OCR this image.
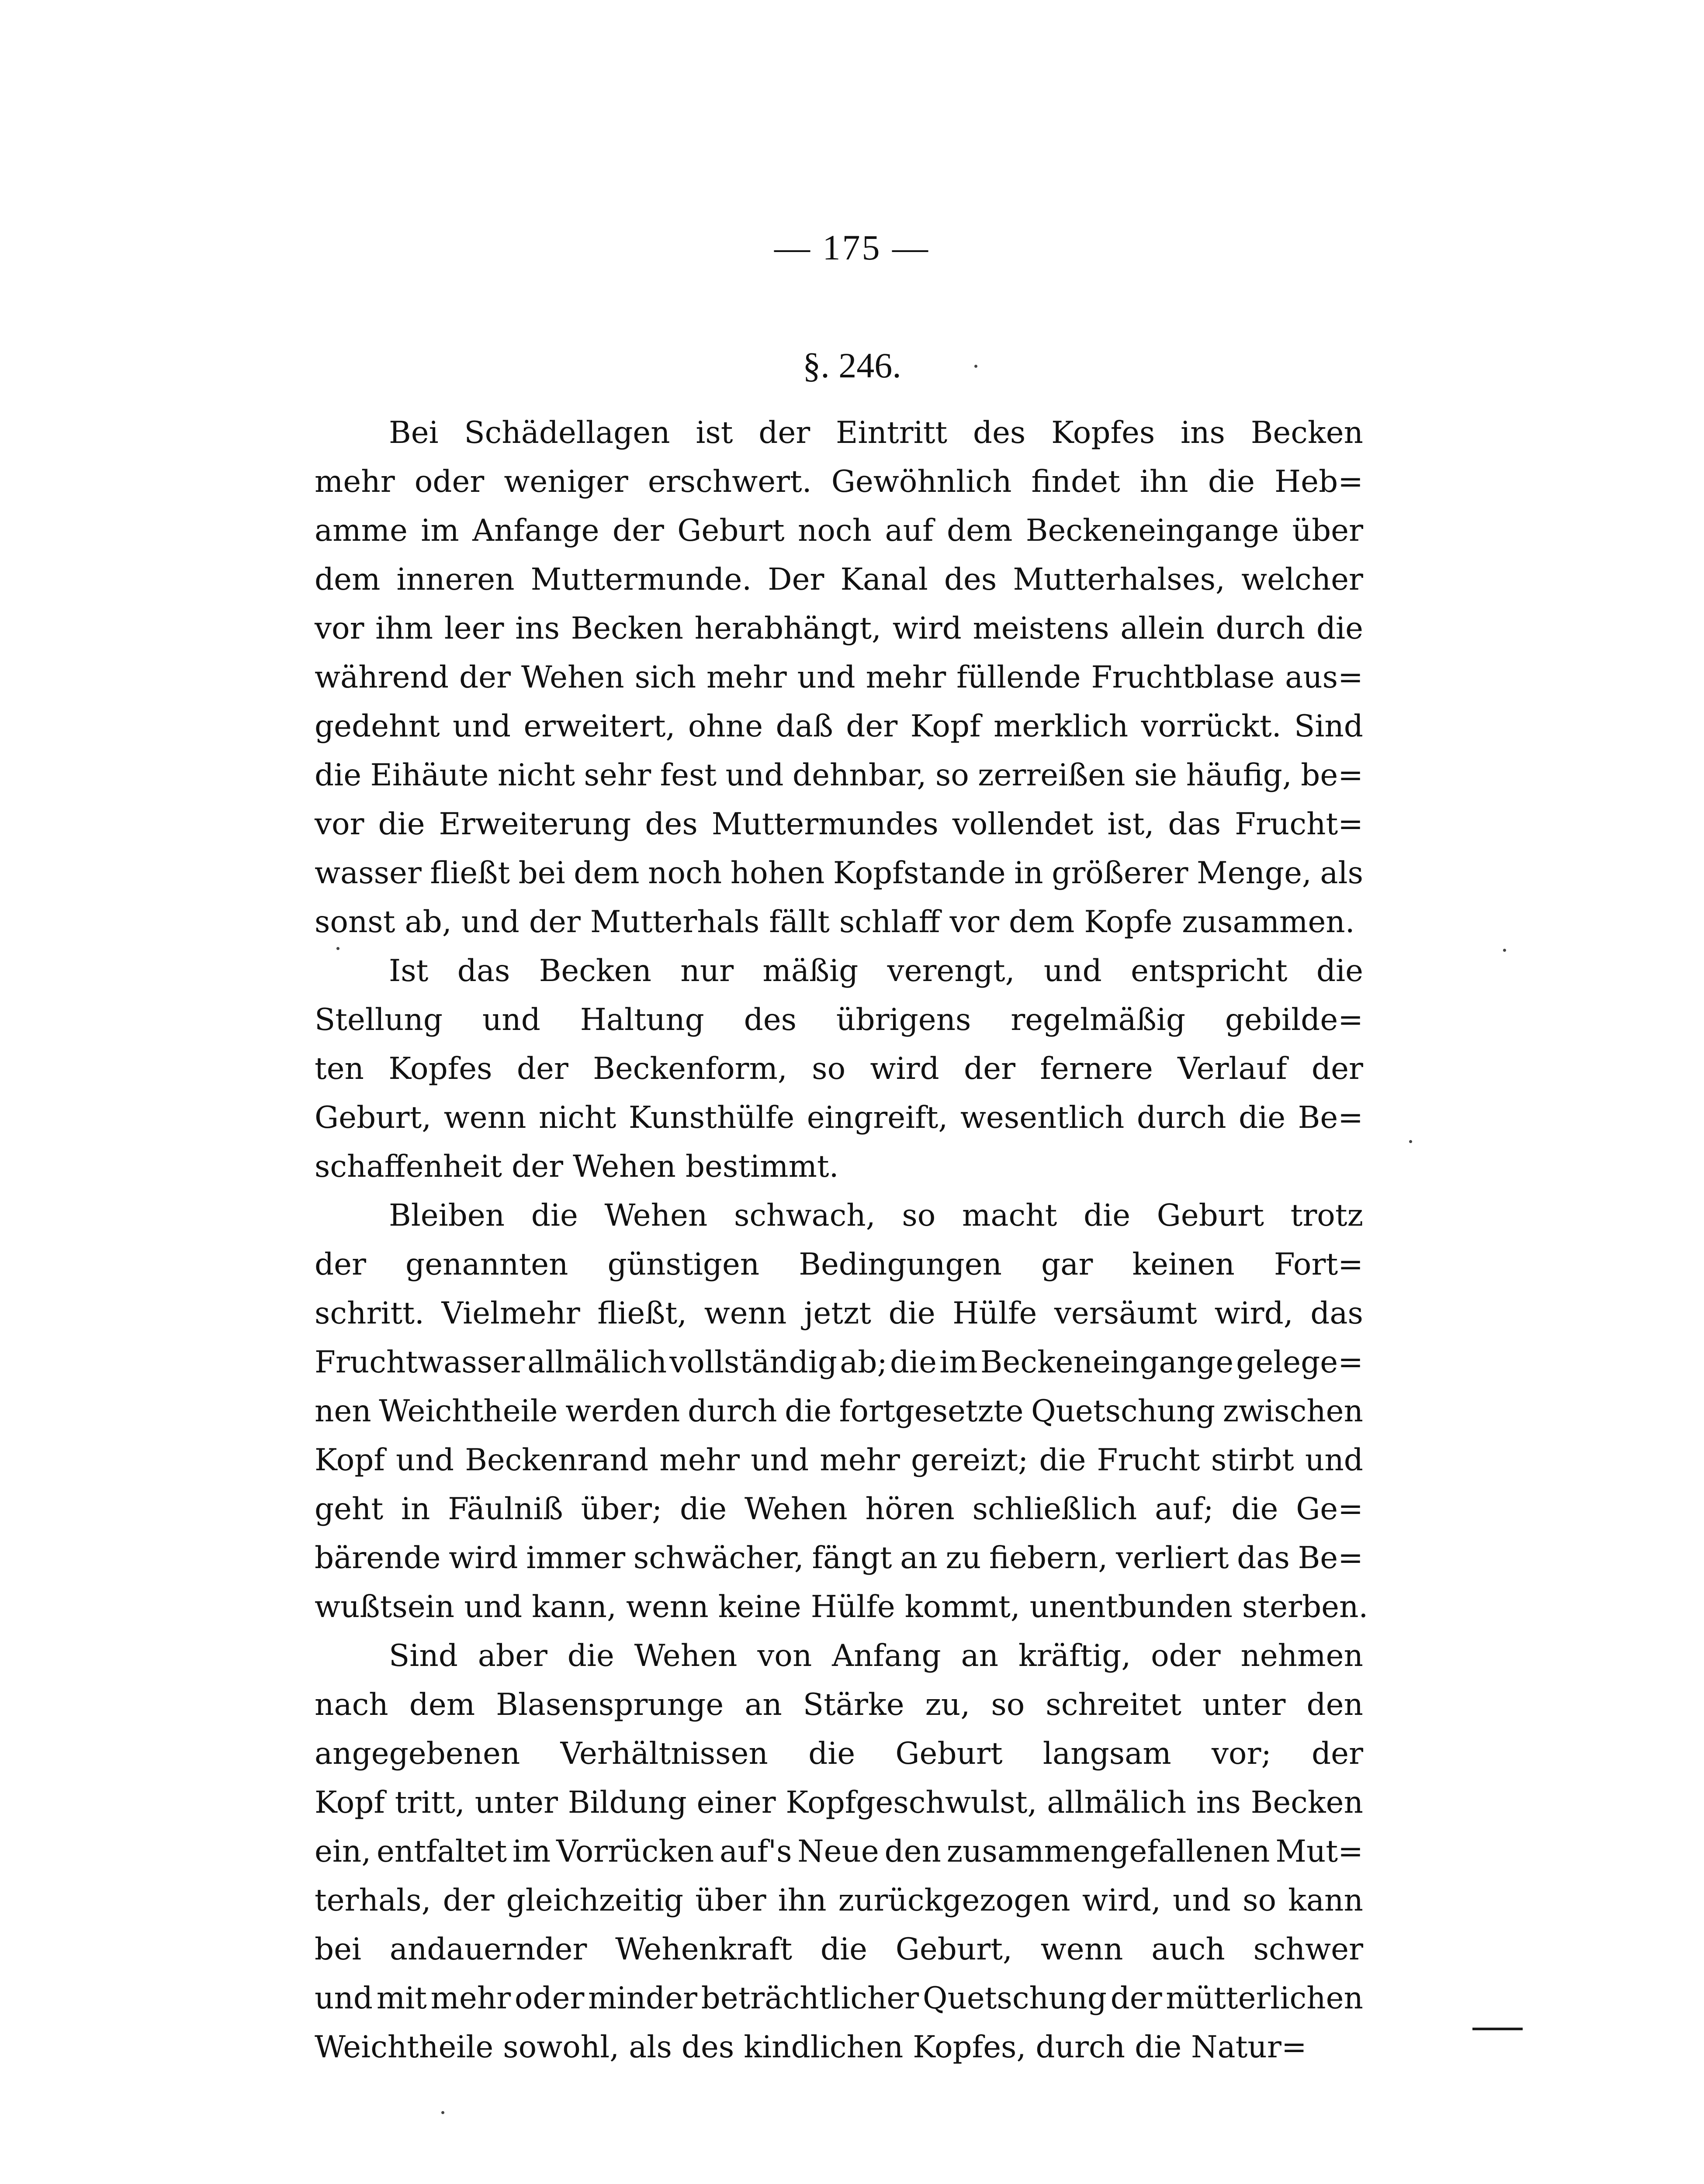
— 175 —
§. 246.
Bei Schädellagen ist der Eintritt des Kopfes ins Becken
mehr oder weniger erschwert. Gewöhnlich findet ihn die Heb=
amme im Anfange der Geburt noch auf dem Beckeneingange über
dem inneren Muttermunde. Der Kanal des Mutterhalses, welcher
vor ihm leer ins Becken herabhängt, wird meistens allein durch die
während der Wehen sich mehr und mehr füllende Fruchtblase aus=
gedehnt und erweitert, ohne daß der Kopf merklich vorrückt. Sind
die Eihäute nicht sehr fest und dehnbar, so zerreißen sie häufig, be=
vor die Erweiterung des Muttermundes vollendet ist, das Frucht=
wasser fließt bei dem noch hohen Kopfstande in größerer Menge, als
sonst ab, und der Mutterhals fällt schlaff vor dem Kopfe zusammen.
Ist das Becken nur mäßig verengt, und entspricht die
Stellung und Haltung des übrigens regelmäßig gebilde=
ten Kopfes der Beckenform, so wird der fernere Verlauf der
Geburt, wenn nicht Kunsthülfe eingreift, wesentlich durch die Be=
schaffenheit der Wehen bestimmt.
Bleiben die Wehen schwach, so macht die Geburt trotz
der genannten günstigen Bedingungen gar keinen Fort=
schritt. Vielmehr fließt, wenn jetzt die Hülfe versäumt wird, das
Fruchtwasser allmälich vollständig ab; die im Beckeneingange gelege=
nen Weichtheile werden durch die fortgesetzte Quetschung zwischen
Kopf und Beckenrand mehr und mehr gereizt; die Frucht stirbt und
geht in Fäulniß über; die Wehen hören schließlich auf; die Ge=
bärende wird immer schwächer, fängt an zu fiebern, verliert das Be=
wußtsein und kann, wenn keine Hülfe kommt, unentbunden sterben.
Sind aber die Wehen von Anfang an kräftig, oder nehmen
nach dem Blasensprunge an Stärke zu, so schreitet unter den
angegebenen Verhältnissen die Geburt langsam vor; der
Kopf tritt, unter Bildung einer Kopfgeschwulst, allmälich ins Becken
ein, entfaltet im Vorrücken auf's Neue den zusammengefallenen Mut=
terhals, der gleichzeitig über ihn zurückgezogen wird, und so kann
bei andauernder Wehenkraft die Geburt, wenn auch schwer
und mit mehr oder minder beträchtlicher Quetschung der mütterlichen
Weichtheile sowohl, als des kindlichen Kopfes, durch die Natur=
